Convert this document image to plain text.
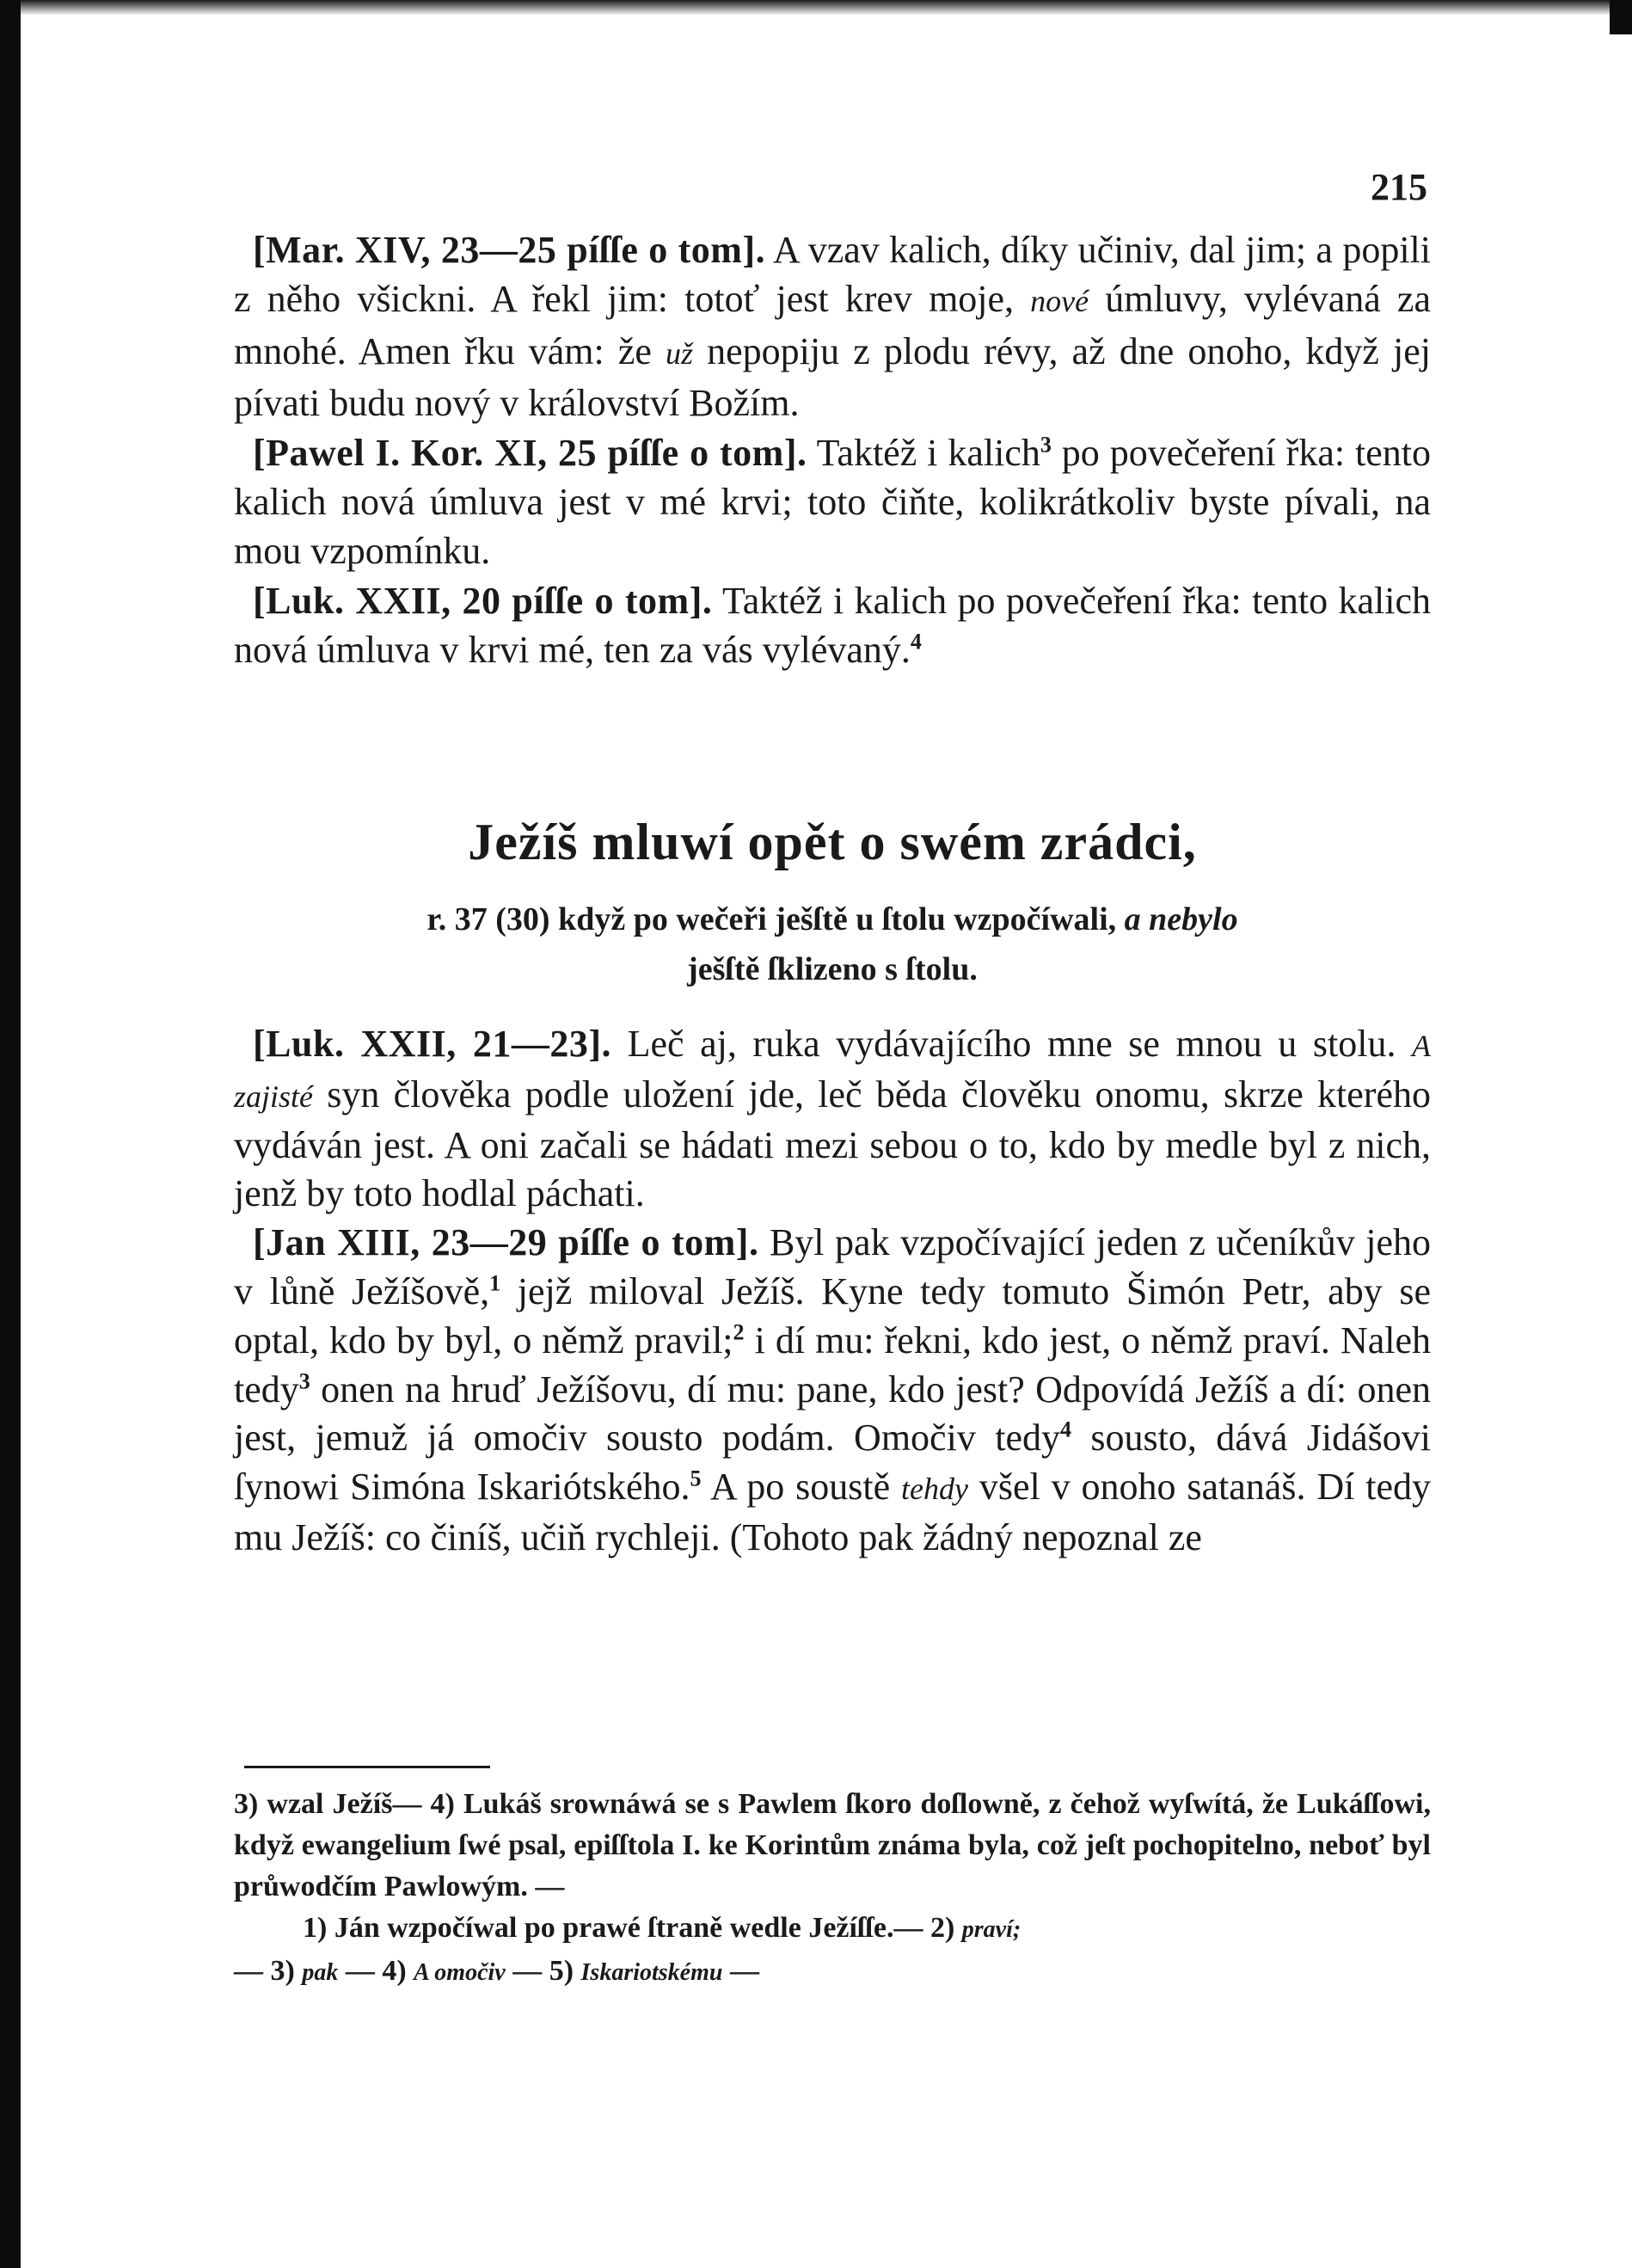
215

[Mar. XIV, 23—25 píſſe o tom]. A vzav kalich, díky učiniv, dal jim; a popili z něho všickni. A řekl jim: totoť jest krev moje, nové úmluvy, vylévaná za mnohé. Amen řku vám: že už nepopiju z plodu révy, až dne onoho, když jej pívati budu nový v království Božím.

[Pawel I. Kor. XI, 25 píſſe o tom]. Taktéž i kalich$^3$ po povečeření řka: tento kalich nová úmluva jest v mé krvi; toto čiňte, kolikrátkoliv byste pívali, na mou vzpomínku.

[Luk. XXII, 20 píſſe o tom]. Taktéž i kalich po povečeření řka: tento kalich nová úmluva v krvi mé, ten za vás vylévaný.$^4$

Ježíš mluwí opět o swém zrádci,
r. 37 (30) když po wečeři ješſtě u ſtolu wzpočíwali, a nebylo
ješſtě ſklizeno s ſtolu.

[Luk. XXII, 21—23]. Leč aj, ruka vydávajícího mne se mnou u stolu. A zajisté syn člověka podle uložení jde, leč běda člověku onomu, skrze kterého vydáván jest. A oni začali se hádati mezi sebou o to, kdo by medle byl z nich, jenž by toto hodlal páchati.

[Jan XIII, 23—29 píſſe o tom]. Byl pak vzpočívající jeden z učeníkův jeho v lůně Ježíšově,$^1$ jejž miloval Ježíš. Kyne tedy tomuto Šimón Petr, aby se optal, kdo by byl, o němž pravil;$^2$ i dí mu: řekni, kdo jest, o němž praví. Naleh tedy$^3$ onen na hruď Ježíšovu, dí mu: pane, kdo jest? Odpovídá Ježíš a dí: onen jest, jemuž já omočiv sousto podám. Omočiv tedy$^4$ sousto, dává Jidášovi ſynowi Simóna Iskariótského.$^5$ A po soustě tehdy všel v onoho satanáš. Dí tedy mu Ježíš: co činíš, učiň rychleji. (Tohoto pak žádný nepoznal ze

3) wzal Ježíš— 4) Lukáš srownáwá se s Pawlem ſkoro doſlowně, z čehož wyſwítá, že Lukáſſowi, když ewangelium ſwé psal, epiſſtola I. ke Korintům známa byla, což jeſt pochopitelno, neboť byl průwodčím Pawlowým. —

1) Ján wzpočíwal po prawé ſtraně wedle Ježíſſe.— 2) praví;
— 3) pak — 4) A omočiv — 5) Iskariotskému —
